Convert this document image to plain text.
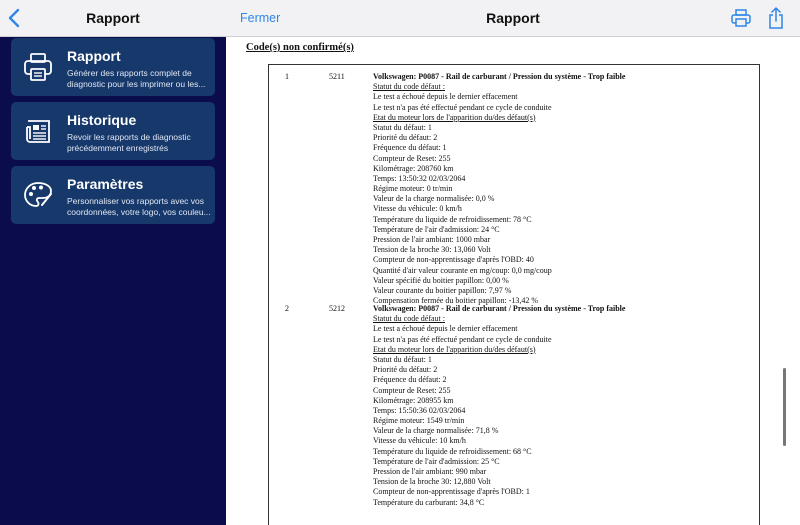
Rapport
Rapport
Générer des rapports complet de
diagnostic pour les imprimer ou les...
Historique
Revoir les rapports de diagnostic
précédemment enregistrés
Paramètres
Personnaliser vos rapports avec vos
coordonnées, votre logo, vos couleu...
Fermer	Rapport
Code(s) non confirmé(s)
1	5211	Volkswagen: P0087 - Rail de carburant / Pression du système - Trop faible
Statut du code défaut :
Le test a échoué depuis le dernier effacement
Le test n'a pas été effectué pendant ce cycle de conduite
Etat du moteur lors de l'apparition du/des défaut(s)
Statut du défaut: 1
Priorité du défaut: 2
Fréquence du défaut: 1
Compteur de Reset: 255
Kilométrage: 208760 km
Temps: 13:50:32 02/03/2064
Régime moteur: 0 tr/min
Valeur de la charge normalisée: 0,0 %
Vitesse du véhicule: 0 km/h
Température du liquide de refroidissement: 78 °C
Température de l'air d'admission: 24 °C
Pression de l'air ambiant: 1000 mbar
Tension de la broche 30: 13,060 Volt
Compteur de non-apprentissage d'après l'OBD: 40
Quantité d'air valeur courante en mg/coup: 0,0 mg/coup
Valeur spécifié du boitier papillon: 0,00 %
Valeur courante du boitier papillon: 7,97 %
Compensation fermée du boitier papillon: -13,42 %
2	5212	Volkswagen: P0087 - Rail de carburant / Pression du système - Trop faible
Statut du code défaut :
Le test a échoué depuis le dernier effacement
Le test n'a pas été effectué pendant ce cycle de conduite
Etat du moteur lors de l'apparition du/des défaut(s)
Statut du défaut: 1
Priorité du défaut: 2
Fréquence du défaut: 2
Compteur de Reset: 255
Kilométrage: 208955 km
Temps: 15:50:36 02/03/2064
Régime moteur: 1549 tr/min
Valeur de la charge normalisée: 71,8 %
Vitesse du véhicule: 10 km/h
Température du liquide de refroidissement: 68 °C
Température de l'air d'admission: 25 °C
Pression de l'air ambiant: 990 mbar
Tension de la broche 30: 12,880 Volt
Compteur de non-apprentissage d'après l'OBD: 1
Température du carburant: 34,8 °C
